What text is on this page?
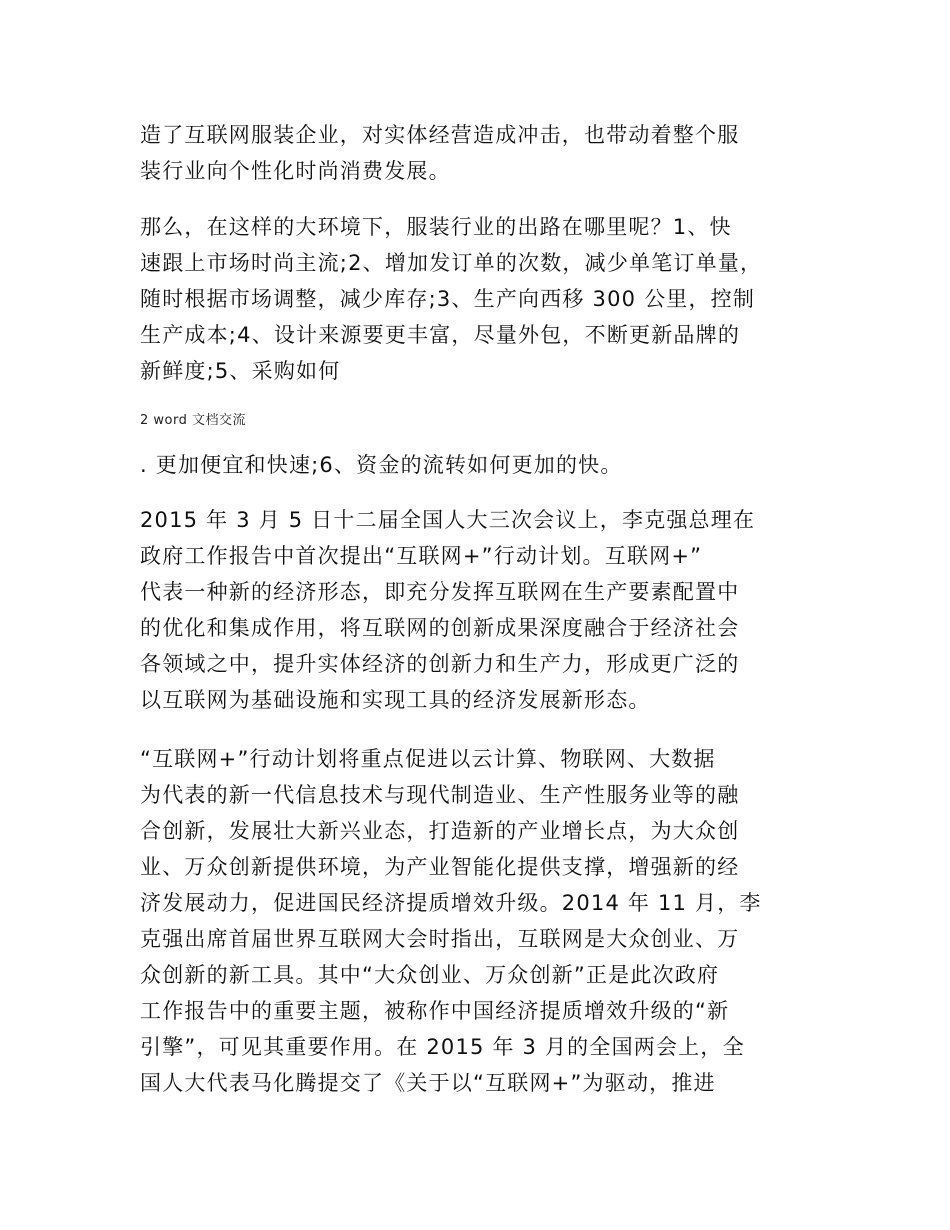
造了互联网服装企业，对实体经营造成冲击，也带动着整个服
装行业向个性化时尚消费发展。

那么，在这样的大环境下，服装行业的出路在哪里呢？1、快
速跟上市场时尚主流;2、增加发订单的次数，减少单笔订单量，
随时根据市场调整，减少库存;3、生产向西移 300 公里，控制
生产成本;4、设计来源要更丰富，尽量外包，不断更新品牌的
新鲜度;5、采购如何

2 word 文档交流

. 更加便宜和快速;6、资金的流转如何更加的快。

2015 年 3 月 5 日十二届全国人大三次会议上，李克强总理在
政府工作报告中首次提出“互联网+”行动计划。互联网+”
代表一种新的经济形态，即充分发挥互联网在生产要素配置中
的优化和集成作用，将互联网的创新成果深度融合于经济社会
各领域之中，提升实体经济的创新力和生产力，形成更广泛的
以互联网为基础设施和实现工具的经济发展新形态。

“互联网+”行动计划将重点促进以云计算、物联网、大数据
为代表的新一代信息技术与现代制造业、生产性服务业等的融
合创新，发展壮大新兴业态，打造新的产业增长点，为大众创
业、万众创新提供环境，为产业智能化提供支撑，增强新的经
济发展动力，促进国民经济提质增效升级。2014 年 11 月，李
克强出席首届世界互联网大会时指出，互联网是大众创业、万
众创新的新工具。其中“大众创业、万众创新”正是此次政府
工作报告中的重要主题，被称作中国经济提质增效升级的“新
引擎”，可见其重要作用。在 2015 年 3 月的全国两会上，全
国人大代表马化腾提交了《关于以“互联网+”为驱动，推进
